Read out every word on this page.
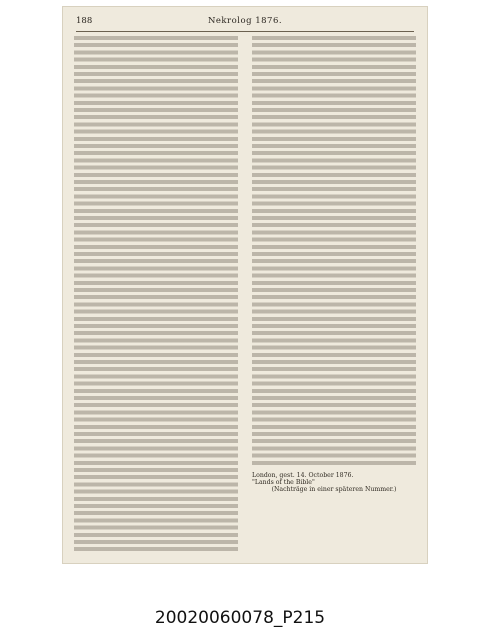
188	Nekrolog 1876.
London, gest. 14. October 1876.
"Lands of the Bible"
(Nachträge in einer späteren Nummer.)
20020060078_P215
